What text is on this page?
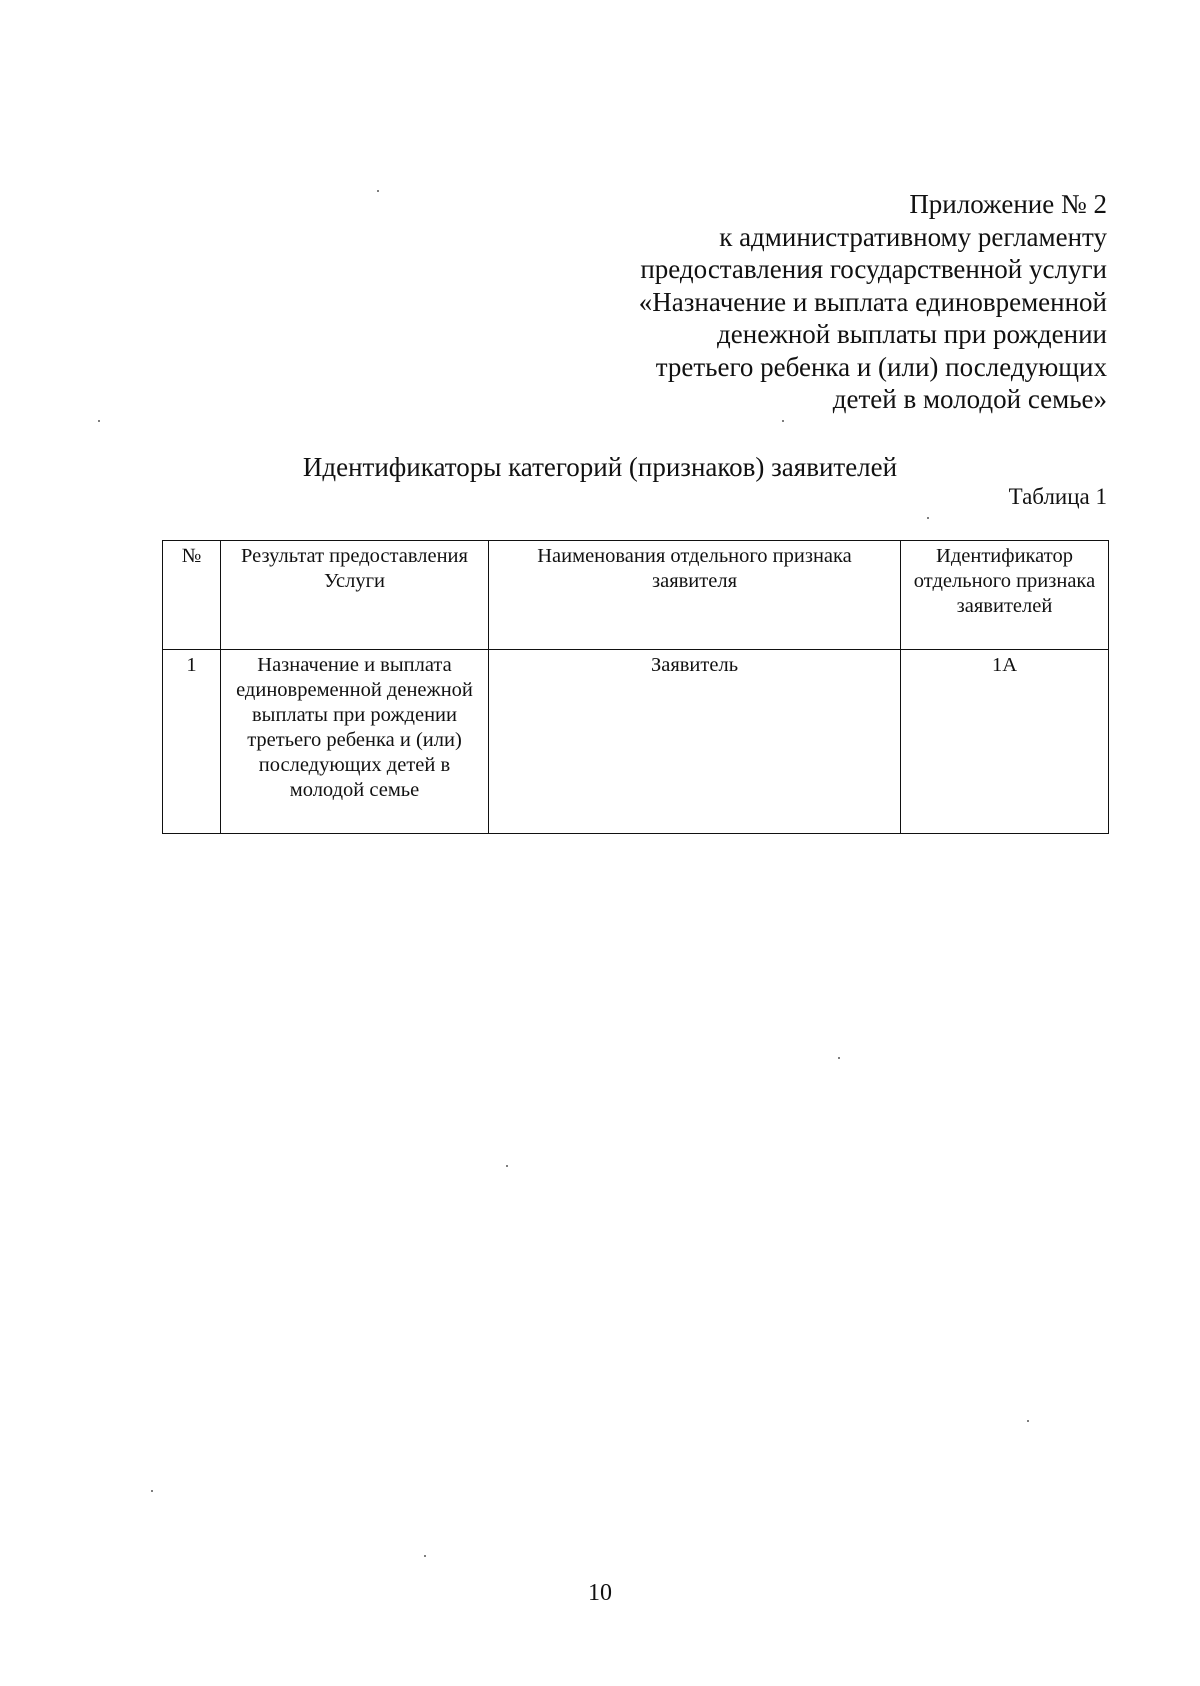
Приложение № 2
к административному регламенту
предоставления государственной услуги
«Назначение и выплата единовременной
денежной выплаты при рождении
третьего ребенка и (или) последующих
детей в молодой семье»
Идентификаторы категорий (признаков) заявителей
Таблица 1
№	Результат предоставления Услуги	Наименования отдельного признака заявителя	Идентификатор отдельного признака заявителей
1	Назначение и выплата единовременной денежной выплаты при рождении третьего ребенка и (или) последующих детей в молодой семье	Заявитель	1А
10
